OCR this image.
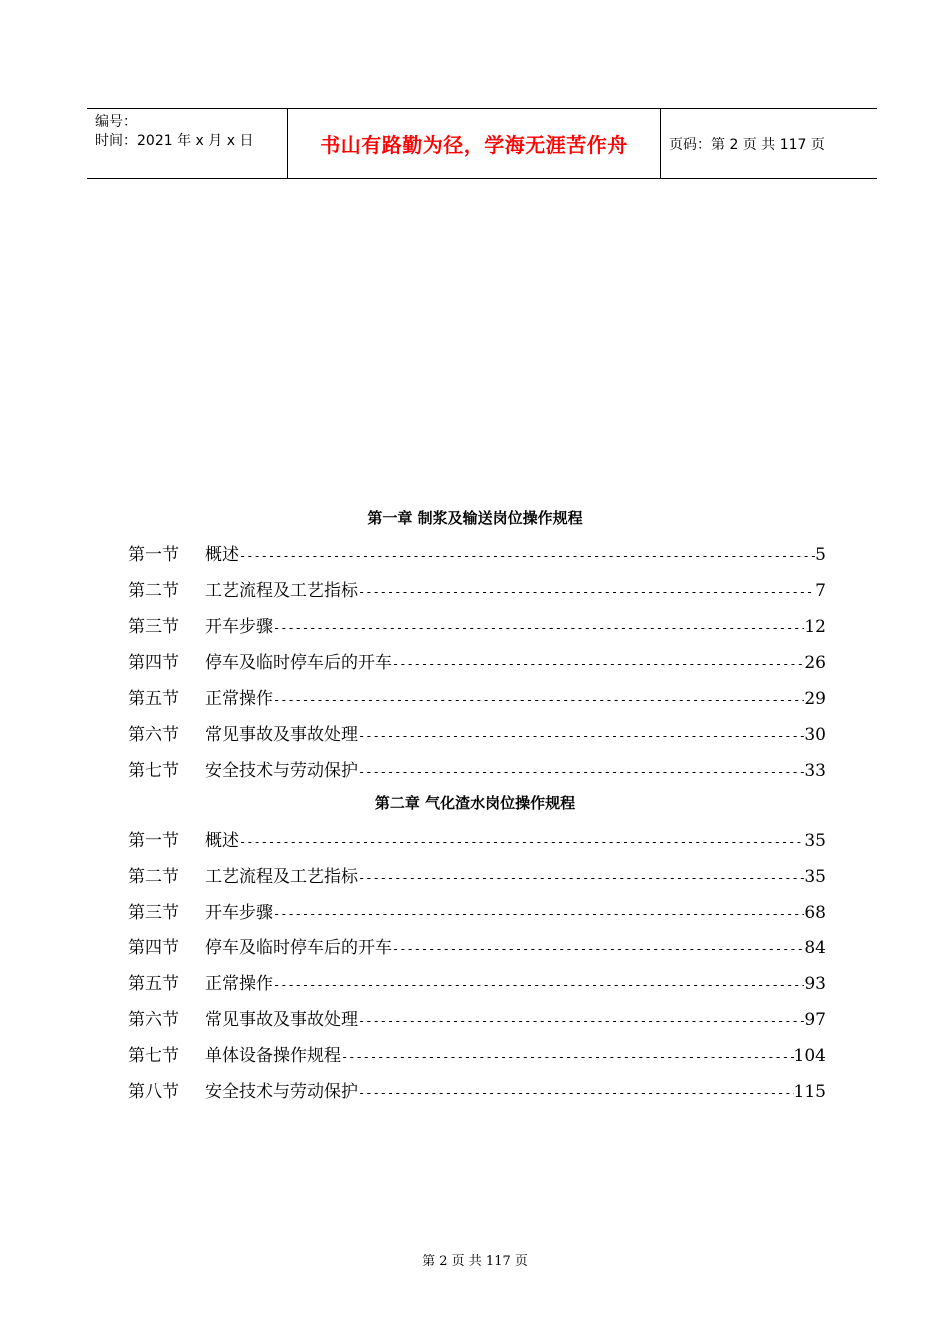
编号：
时间：2021 年 x 月 x 日	书山有路勤为径，学海无涯苦作舟	页码：第 2 页 共 117 页
第一章 制浆及输送岗位操作规程
第一节	概述 -----	5
第二节	工艺流程及工艺指标 -----	7
第三节	开车步骤 -----	12
第四节	停车及临时停车后的开车 -----	26
第五节	正常操作 -----	29
第六节	常见事故及事故处理 -----	30
第七节	安全技术与劳动保护 -----	33
第二章 气化渣水岗位操作规程
第一节	概述 -----	35
第二节	工艺流程及工艺指标 -----	35
第三节	开车步骤 -----	68
第四节	停车及临时停车后的开车 -----	84
第五节	正常操作 -----	93
第六节	常见事故及事故处理 -----	97
第七节	单体设备操作规程 -----	104
第八节	安全技术与劳动保护 -----	115
第 2 页 共 117 页
